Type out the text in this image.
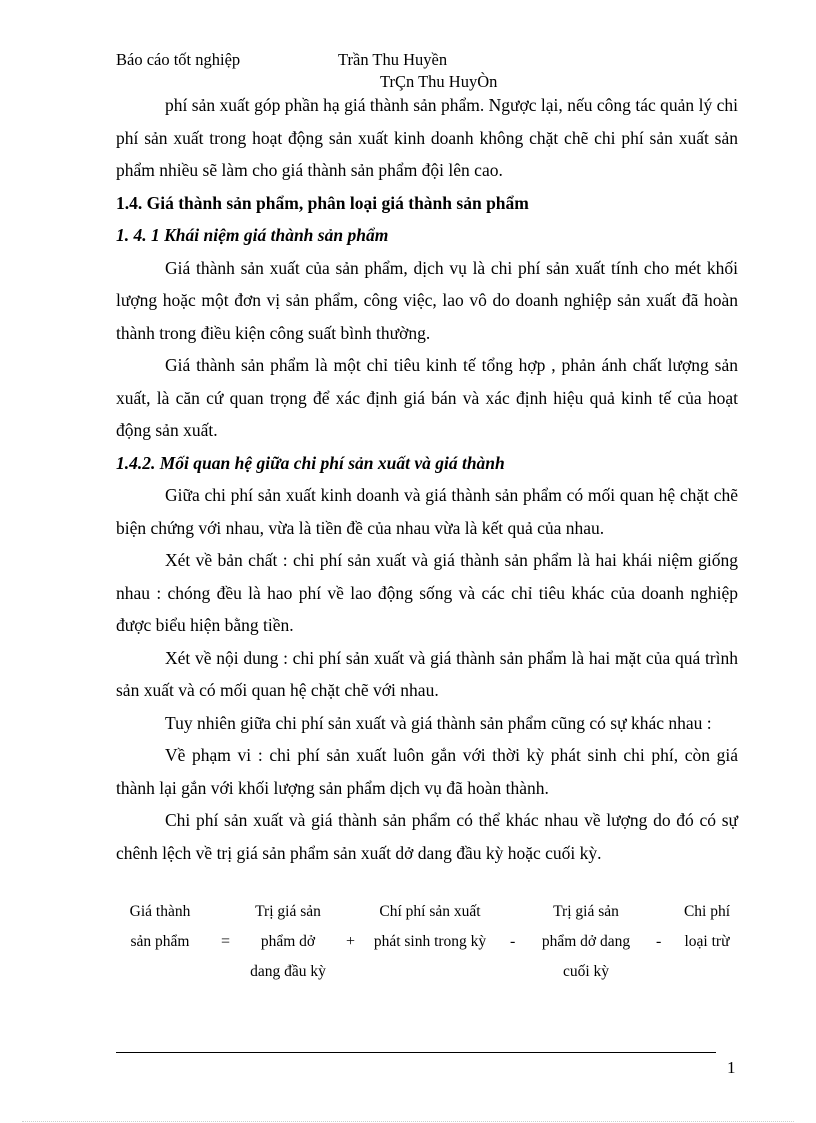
Báo cáo tốt nghiệp	Trần Thu Huyền
TrÇn Thu HuyÒn

phí sản xuất góp phần hạ giá thành sản phẩm. Ngược lại, nếu công tác quản lý chi phí sản xuất trong hoạt động sản xuất kinh doanh không chặt chẽ chi phí sản xuất sản phẩm nhiều sẽ làm cho giá thành sản phẩm đội lên cao.

1.4. Giá thành sản phẩm, phân loại giá thành sản phẩm

1. 4. 1 Khái niệm giá thành sản phẩm

Giá thành sản xuất của sản phẩm, dịch vụ là chi phí sản xuất tính cho mét khối lượng hoặc một đơn vị sản phẩm, công việc, lao vô do doanh nghiệp sản xuất đã hoàn thành trong điều kiện công suất bình thường.

Giá thành sản phẩm là một chỉ tiêu kinh tế tổng hợp , phản ánh chất lượng sản xuất, là căn cứ quan trọng để xác định giá bán và xác định hiệu quả kinh tế của hoạt động sản xuất.

1.4.2. Mối quan hệ giữa chi phí sản xuất và giá thành

Giữa chi phí sản xuất kinh doanh và giá thành sản phẩm có mối quan hệ chặt chẽ biện chứng với nhau, vừa là tiền đề của nhau vừa là kết quả của nhau.

Xét về bản chất : chi phí sản xuất và giá thành sản phẩm là hai khái niệm giống nhau : chóng đều là hao phí về lao động sống và các chỉ tiêu khác của doanh nghiệp được biểu hiện bằng tiền.

Xét về nội dung : chi phí sản xuất và giá thành sản phẩm là hai mặt của quá trình sản xuất và có mối quan hệ chặt chẽ với nhau.

Tuy nhiên giữa chi phí sản xuất và giá thành sản phẩm cũng có sự khác nhau :

Về phạm vi : chi phí sản xuất luôn gắn với thời kỳ phát sinh chi phí, còn giá thành lại gắn với khối lượng sản phẩm dịch vụ đã hoàn thành.

Chi phí sản xuất và giá thành sản phẩm có thể khác nhau về lượng do đó có sự chênh lệch về trị giá sản phẩm sản xuất dở dang đầu kỳ hoặc cuối kỳ.

Giá thành
sản phẩm	=
Trị giá sản
phẩm dở
dang đầu kỳ
+
Chí phí sản xuất
phát sinh trong kỳ	-
Trị giá sản
phẩm dở dang
cuối kỳ
-
Chi phí
loại trừ
1
